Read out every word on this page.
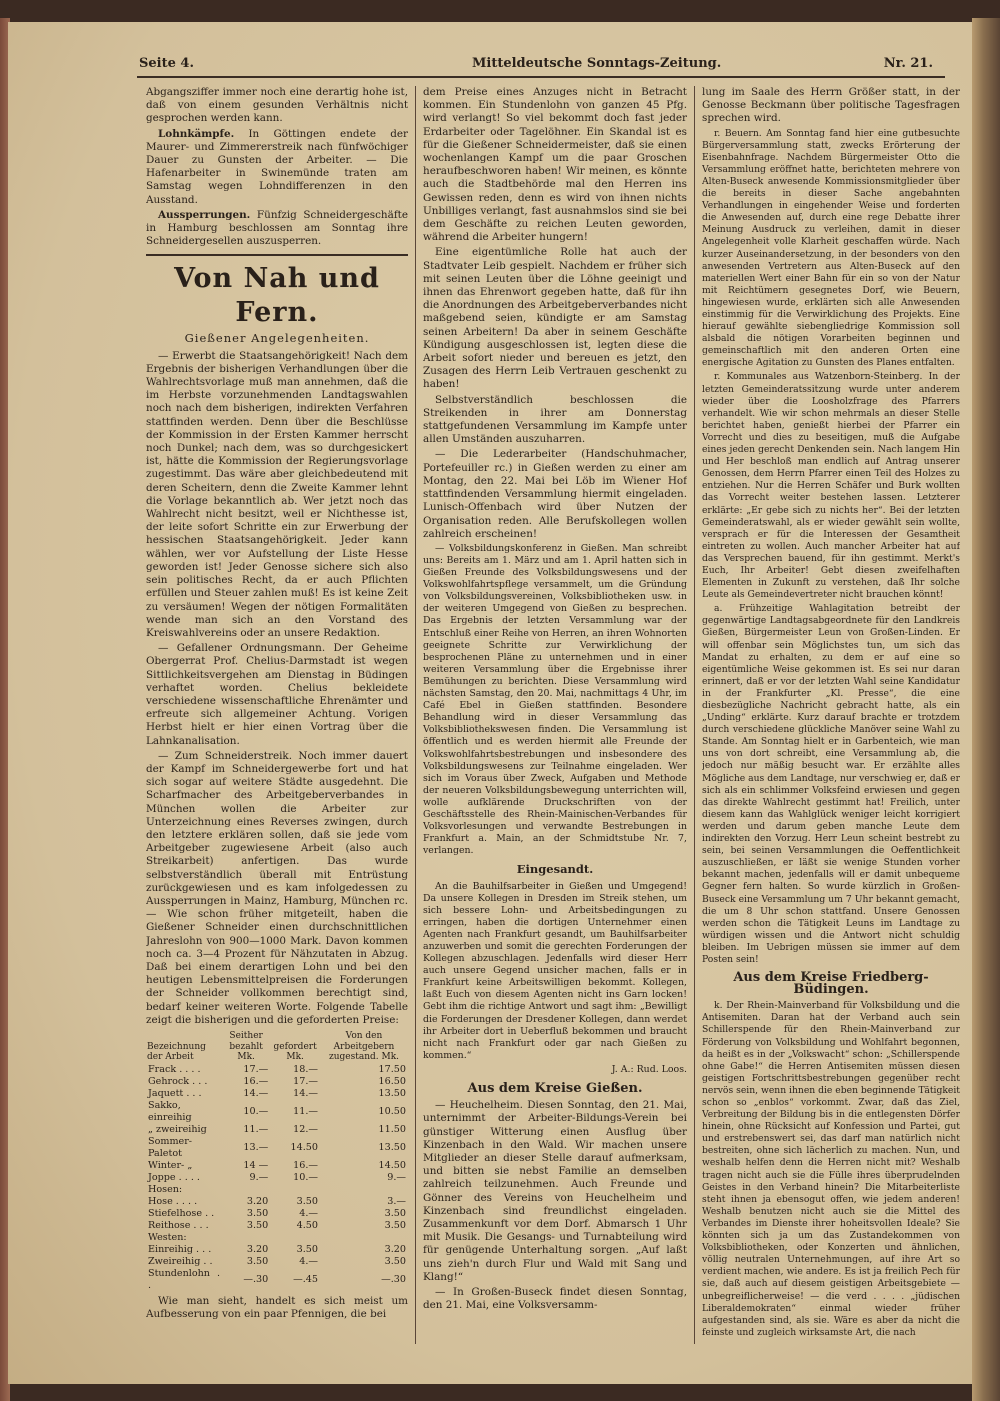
Seite 4.	Mitteldeutsche Sonntags-Zeitung.	Nr. 21.

Abgangsziffer immer noch eine derartig hohe ist, daß von einem gesunden Verhältnis nicht gesprochen werden kann.

Lohnkämpfe. In Göttingen endete der Maurer- und Zimmererstreik nach fünfwöchiger Dauer zu Gunsten der Arbeiter. — Die Hafenarbeiter in Swinemünde traten am Samstag wegen Lohndifferenzen in den Ausstand.

Aussperrungen. Fünfzig Schneidergeschäfte in Hamburg beschlossen am Sonntag ihre Schneidergesellen auszusperren.

Von Nah und Fern.
Gießener Angelegenheiten.

— Erwerbt die Staatsangehörigkeit! Nach dem Ergebnis der bisherigen Verhandlungen über die Wahlrechtsvorlage muß man annehmen, daß die im Herbste vorzunehmenden Landtagswahlen noch nach dem bisherigen, indirekten Verfahren stattfinden werden. Denn über die Beschlüsse der Kommission in der Ersten Kammer herrscht noch Dunkel; nach dem, was so durchgesickert ist, hätte die Kommission der Regierungsvorlage zugestimmt. Das wäre aber gleichbedeutend mit deren Scheitern, denn die Zweite Kammer lehnt die Vorlage bekanntlich ab. Wer jetzt noch das Wahlrecht nicht besitzt, weil er Nichthesse ist, der leite sofort Schritte ein zur Erwerbung der hessischen Staatsangehörigkeit. Jeder kann wählen, wer vor Aufstellung der Liste Hesse geworden ist! Jeder Genosse sichere sich also sein politisches Recht, da er auch Pflichten erfüllen und Steuer zahlen muß! Es ist keine Zeit zu versäumen! Wegen der nötigen Formalitäten wende man sich an den Vorstand des Kreiswahlvereins oder an unsere Redaktion.

— Gefallener Ordnungsmann. Der Geheime Obergerrat Prof. Chelius-Darmstadt ist wegen Sittlichkeitsvergehen am Dienstag in Büdingen verhaftet worden. Chelius bekleidete verschiedene wissenschaftliche Ehrenämter und erfreute sich allgemeiner Achtung. Vorigen Herbst hielt er hier einen Vortrag über die Lahnkanalisation.

— Zum Schneiderstreik. Noch immer dauert der Kampf im Schneidergewerbe fort und hat sich sogar auf weitere Städte ausgedehnt. Die Scharfmacher des Arbeitgeberverbandes in München wollen die Arbeiter zur Unterzeichnung eines Reverses zwingen, durch den letztere erklären sollen, daß sie jede vom Arbeitgeber zugewiesene Arbeit (also auch Streikarbeit) anfertigen. Das wurde selbstverständlich überall mit Entrüstung zurückgewiesen und es kam infolgedessen zu Aussperrungen in Mainz, Hamburg, München rc. — Wie schon früher mitgeteilt, haben die Gießener Schneider einen durchschnittlichen Jahreslohn von 900—1000 Mark. Davon kommen noch ca. 3—4 Prozent für Nähzutaten in Abzug. Daß bei einem derartigen Lohn und bei den heutigen Lebensmittelpreisen die Forderungen der Schneider vollkommen berechtigt sind, bedarf keiner weiteren Worte. Folgende Tabelle zeigt die bisherigen und die geforderten Preise:

Bezeichnung der Arbeit	Seither bezahlt Mk.	gefordert Mk.	Von den Arbeitgebern zugestand. Mk.
Frack . . . .	17.—	18.—	17.50
Gehrock . . .	16.—	17.—	16.50
Jaquett . . .	14.—	14.—	13.50
Sakko, einreihig	10.—	11.—	10.50
„ zweireihig	11.—	12.—	11.50
Sommer-Paletot	13.—	14.50	13.50
Winter- „	14 —	16.—	14.50
Joppe . . . .	9.—	10.—	9.—
Hosen:			
Hose . . . .	3.20	3.50	3.—
Stiefelhose . .	3.50	4.—	3.50
Reithose . . .	3.50	4.50	3.50
Westen:			
Einreihig . . .	3.20	3.50	3.20
Zweireihig . .	3.50	4.—	3.50
Stundenlohn . .	—.30	—.45	—.30

Wie man sieht, handelt es sich meist um Aufbesserung von ein paar Pfennigen, die bei

dem Preise eines Anzuges nicht in Betracht kommen. Ein Stundenlohn von ganzen 45 Pfg. wird verlangt! So viel bekommt doch fast jeder Erdarbeiter oder Tagelöhner. Ein Skandal ist es für die Gießener Schneidermeister, daß sie einen wochenlangen Kampf um die paar Groschen heraufbeschworen haben! Wir meinen, es könnte auch die Stadtbehörde mal den Herren ins Gewissen reden, denn es wird von ihnen nichts Unbilliges verlangt, fast ausnahmslos sind sie bei dem Geschäfte zu reichen Leuten geworden, während die Arbeiter hungern!

Eine eigentümliche Rolle hat auch der Stadtvater Leib gespielt. Nachdem er früher sich mit seinen Leuten über die Löhne geeinigt und ihnen das Ehrenwort gegeben hatte, daß für ihn die Anordnungen des Arbeitgeberverbandes nicht maßgebend seien, kündigte er am Samstag seinen Arbeitern! Da aber in seinem Geschäfte Kündigung ausgeschlossen ist, legten diese die Arbeit sofort nieder und bereuen es jetzt, den Zusagen des Herrn Leib Vertrauen geschenkt zu haben!

Selbstverständlich beschlossen die Streikenden in ihrer am Donnerstag stattgefundenen Versammlung im Kampfe unter allen Umständen auszuharren.

— Die Lederarbeiter (Handschuhmacher, Portefeuiller rc.) in Gießen werden zu einer am Montag, den 22. Mai bei Löb im Wiener Hof stattfindenden Versammlung hiermit eingeladen. Lunisch-Offenbach wird über Nutzen der Organisation reden. Alle Berufskollegen wollen zahlreich erscheinen!

— Volksbildungskonferenz in Gießen. Man schreibt uns: Bereits am 1. März und am 1. April hatten sich in Gießen Freunde des Volksbildungswesens und der Volkswohlfahrtspflege versammelt, um die Gründung von Volksbildungsvereinen, Volksbibliotheken usw. in der weiteren Umgegend von Gießen zu besprechen. Das Ergebnis der letzten Versammlung war der Entschluß einer Reihe von Herren, an ihren Wohnorten geeignete Schritte zur Verwirklichung der besprochenen Pläne zu unternehmen und in einer weiteren Versammlung über die Ergebnisse ihrer Bemühungen zu berichten. Diese Versammlung wird nächsten Samstag, den 20. Mai, nachmittags 4 Uhr, im Café Ebel in Gießen stattfinden. Besondere Behandlung wird in dieser Versammlung das Volksbibliothekswesen finden. Die Versammlung ist öffentlich und es werden hiermit alle Freunde der Volkswohlfahrtsbestrebungen und insbesondere des Volksbildungswesens zur Teilnahme eingeladen. Wer sich im Voraus über Zweck, Aufgaben und Methode der neueren Volksbildungsbewegung unterrichten will, wolle aufklärende Druckschriften von der Geschäftsstelle des Rhein-Mainischen-Verbandes für Volksvorlesungen und verwandte Bestrebungen in Frankfurt a. Main, an der Schmidtstube Nr. 7, verlangen.

Eingesandt.

An die Bauhilfsarbeiter in Gießen und Umgegend! Da unsere Kollegen in Dresden im Streik stehen, um sich bessere Lohn- und Arbeitsbedingungen zu erringen, haben die dortigen Unternehmer einen Agenten nach Frankfurt gesandt, um Bauhilfsarbeiter anzuwerben und somit die gerechten Forderungen der Kollegen abzuschlagen. Jedenfalls wird dieser Herr auch unsere Gegend unsicher machen, falls er in Frankfurt keine Arbeitswilligen bekommt. Kollegen, laßt Euch von diesem Agenten nicht ins Garn locken! Gebt ihm die richtige Antwort und sagt ihm: „Bewilligt die Forderungen der Dresdener Kollegen, dann werdet ihr Arbeiter dort in Ueberfluß bekommen und braucht nicht nach Frankfurt oder gar nach Gießen zu kommen.“

J. A.: Rud. Loos.

Aus dem Kreise Gießen.

— Heuchelheim. Diesen Sonntag, den 21. Mai, unternimmt der Arbeiter-Bildungs-Verein bei günstiger Witterung einen Ausflug über Kinzenbach in den Wald. Wir machen unsere Mitglieder an dieser Stelle darauf aufmerksam, und bitten sie nebst Familie an demselben zahlreich teilzunehmen. Auch Freunde und Gönner des Vereins von Heuchelheim und Kinzenbach sind freundlichst eingeladen. Zusammenkunft vor dem Dorf. Abmarsch 1 Uhr mit Musik. Die Gesangs- und Turnabteilung wird für genügende Unterhaltung sorgen. „Auf laßt uns zieh'n durch Flur und Wald mit Sang und Klang!“

— In Großen-Buseck findet diesen Sonntag, den 21. Mai, eine Volksversamm-

lung im Saale des Herrn Größer statt, in der Genosse Beckmann über politische Tagesfragen sprechen wird.

r. Beuern. Am Sonntag fand hier eine gutbesuchte Bürgerversammlung statt, zwecks Erörterung der Eisenbahnfrage. Nachdem Bürgermeister Otto die Versammlung eröffnet hatte, berichteten mehrere von Alten-Buseck anwesende Kommissionsmitglieder über die bereits in dieser Sache angebahnten Verhandlungen in eingehender Weise und forderten die Anwesenden auf, durch eine rege Debatte ihrer Meinung Ausdruck zu verleihen, damit in dieser Angelegenheit volle Klarheit geschaffen würde. Nach kurzer Auseinandersetzung, in der besonders von den anwesenden Vertretern aus Alten-Buseck auf den materiellen Wert einer Bahn für ein so von der Natur mit Reichtümern gesegnetes Dorf, wie Beuern, hingewiesen wurde, erklärten sich alle Anwesenden einstimmig für die Verwirklichung des Projekts. Eine hierauf gewählte siebengliedrige Kommission soll alsbald die nötigen Vorarbeiten beginnen und gemeinschaftlich mit den anderen Orten eine energische Agitation zu Gunsten des Planes entfalten.

r. Kommunales aus Watzenborn-Steinberg. In der letzten Gemeinderatssitzung wurde unter anderem wieder über die Loosholzfrage des Pfarrers verhandelt. Wie wir schon mehrmals an dieser Stelle berichtet haben, genießt hierbei der Pfarrer ein Vorrecht und dies zu beseitigen, muß die Aufgabe eines jeden gerecht Denkenden sein. Nach langem Hin und Her beschloß man endlich auf Antrag unserer Genossen, dem Herrn Pfarrer einen Teil des Holzes zu entziehen. Nur die Herren Schäfer und Burk wollten das Vorrecht weiter bestehen lassen. Letzterer erklärte: „Er gebe sich zu nichts her“. Bei der letzten Gemeinderatswahl, als er wieder gewählt sein wollte, versprach er für die Interessen der Gesamtheit eintreten zu wollen. Auch mancher Arbeiter hat auf das Versprechen bauend, für ihn gestimmt. Merkt's Euch, Ihr Arbeiter! Gebt diesen zweifelhaften Elementen in Zukunft zu verstehen, daß Ihr solche Leute als Gemeindevertreter nicht brauchen könnt!

a. Frühzeitige Wahlagitation betreibt der gegenwärtige Landtagsabgeordnete für den Landkreis Gießen, Bürgermeister Leun von Großen-Linden. Er will offenbar sein Möglichstes tun, um sich das Mandat zu erhalten, zu dem er auf eine so eigentümliche Weise gekommen ist. Es sei nur daran erinnert, daß er vor der letzten Wahl seine Kandidatur in der Frankfurter „Kl. Presse“, die eine diesbezügliche Nachricht gebracht hatte, als ein „Unding“ erklärte. Kurz darauf brachte er trotzdem durch verschiedene glückliche Manöver seine Wahl zu Stande. Am Sonntag hielt er in Garbenteich, wie man uns von dort schreibt, eine Versammlung ab, die jedoch nur mäßig besucht war. Er erzählte alles Mögliche aus dem Landtage, nur verschwieg er, daß er sich als ein schlimmer Volksfeind erwiesen und gegen das direkte Wahlrecht gestimmt hat! Freilich, unter diesem kann das Wahlglück weniger leicht korrigiert werden und darum geben manche Leute dem indirekten den Vorzug. Herr Leun scheint bestrebt zu sein, bei seinen Versammlungen die Oeffentlichkeit auszuschließen, er läßt sie wenige Stunden vorher bekannt machen, jedenfalls will er damit unbequeme Gegner fern halten. So wurde kürzlich in Großen-Buseck eine Versammlung um 7 Uhr bekannt gemacht, die um 8 Uhr schon stattfand. Unsere Genossen werden schon die Tätigkeit Leuns im Landtage zu würdigen wissen und die Antwort nicht schuldig bleiben. Im Uebrigen müssen sie immer auf dem Posten sein!

Aus dem Kreise Friedberg-Büdingen.

k. Der Rhein-Mainverband für Volksbildung und die Antisemiten. Daran hat der Verband auch sein Schillerspende für den Rhein-Mainverband zur Förderung von Volksbildung und Wohlfahrt begonnen, da heißt es in der „Volkswacht“ schon: „Schillerspende ohne Gabe!“ die Herren Antisemiten müssen diesen geistigen Fortschrittsbestrebungen gegenüber recht nervös sein, wenn ihnen die eben beginnende Tätigkeit schon so „enblos“ vorkommt. Zwar, daß das Ziel, Verbreitung der Bildung bis in die entlegensten Dörfer hinein, ohne Rücksicht auf Konfession und Partei, gut und erstrebenswert sei, das darf man natürlich nicht bestreiten, ohne sich lächerlich zu machen. Nun, und weshalb helfen denn die Herren nicht mit? Weshalb tragen nicht auch sie die Fülle ihres überprudelnden Geistes in den Verband hinein? Die Mitarbeiterliste steht ihnen ja ebensogut offen, wie jedem anderen! Weshalb benutzen nicht auch sie die Mittel des Verbandes im Dienste ihrer hoheitsvollen Ideale? Sie könnten sich ja um das Zustandekommen von Volksbibliotheken, oder Konzerten und ähnlichen, völlig neutralen Unternehmungen, auf ihre Art so verdient machen, wie andere. Es ist ja freilich Pech für sie, daß auch auf diesem geistigen Arbeitsgebiete — unbegreiflicherweise! — die verd . . . . „jüdischen Liberaldemokraten“ einmal wieder früher aufgestanden sind, als sie. Wäre es aber da nicht die feinste und zugleich wirksamste Art, die nach
